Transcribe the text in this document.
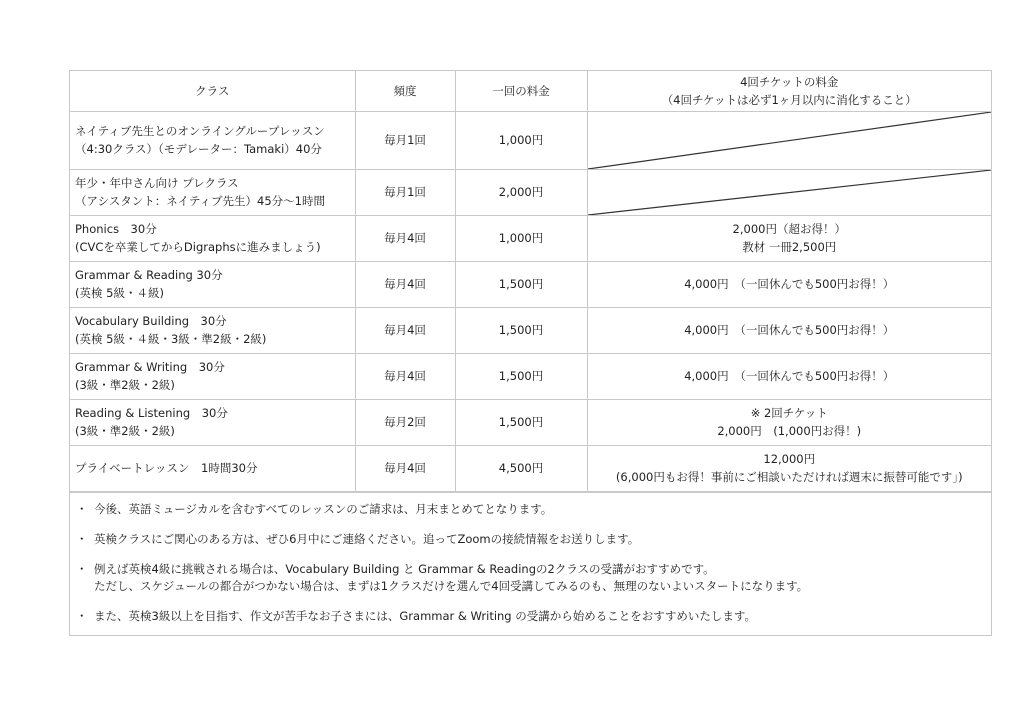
クラス	頻度	一回の料金	4回チケットの料金
（4回チケットは必ず1ヶ月以内に消化すること）

ネイティブ先生とのオンライングループレッスン
（4:30クラス）（モデレーター：Tamaki）40分	毎月1回	1,000円	

年少・年中さん向け プレクラス
（アシスタント：ネイティブ先生）45分〜1時間	毎月1回	2,000円	

Phonics　30分
(CVCを卒業してからDigraphsに進みましょう)	毎月4回	1,000円	2,000円（超お得！）
教材 一冊2,500円

Grammar & Reading 30分
(英検 5級・４級)	毎月4回	1,500円	4,000円　（一回休んでも500円お得！）

Vocabulary Building　30分
(英検 5級・４級・3級・準2級・2級)	毎月4回	1,500円	4,000円　（一回休んでも500円お得！）

Grammar & Writing　30分
(3級・準2級・2級)	毎月4回	1,500円	4,000円　（一回休んでも500円お得！）

Reading & Listening　30分
(3級・準2級・2級)	毎月2回	1,500円	※ 2回チケット
2,000円　(1,000円お得！)

プライベートレッスン　1時間30分	毎月4回	4,500円	12,000円
(6,000円もお得！事前にご相談いただければ週末に振替可能です」)
・ 今後、英語ミュージカルを含むすべてのレッスンのご請求は、月末まとめてとなります。
・ 英検クラスにご関心のある方は、ぜひ6月中にご連絡ください。追ってZoomの接続情報をお送りします。
・ 例えば英検4級に挑戦される場合は、Vocabulary Building と Grammar & Readingの2クラスの受講がおすすめです。
ただし、スケジュールの都合がつかない場合は、まずは1クラスだけを選んで4回受講してみるのも、無理のないよいスタートになります。
・ また、英検3級以上を目指す、作文が苦手なお子さまには、Grammar & Writing の受講から始めることをおすすめいたします。
